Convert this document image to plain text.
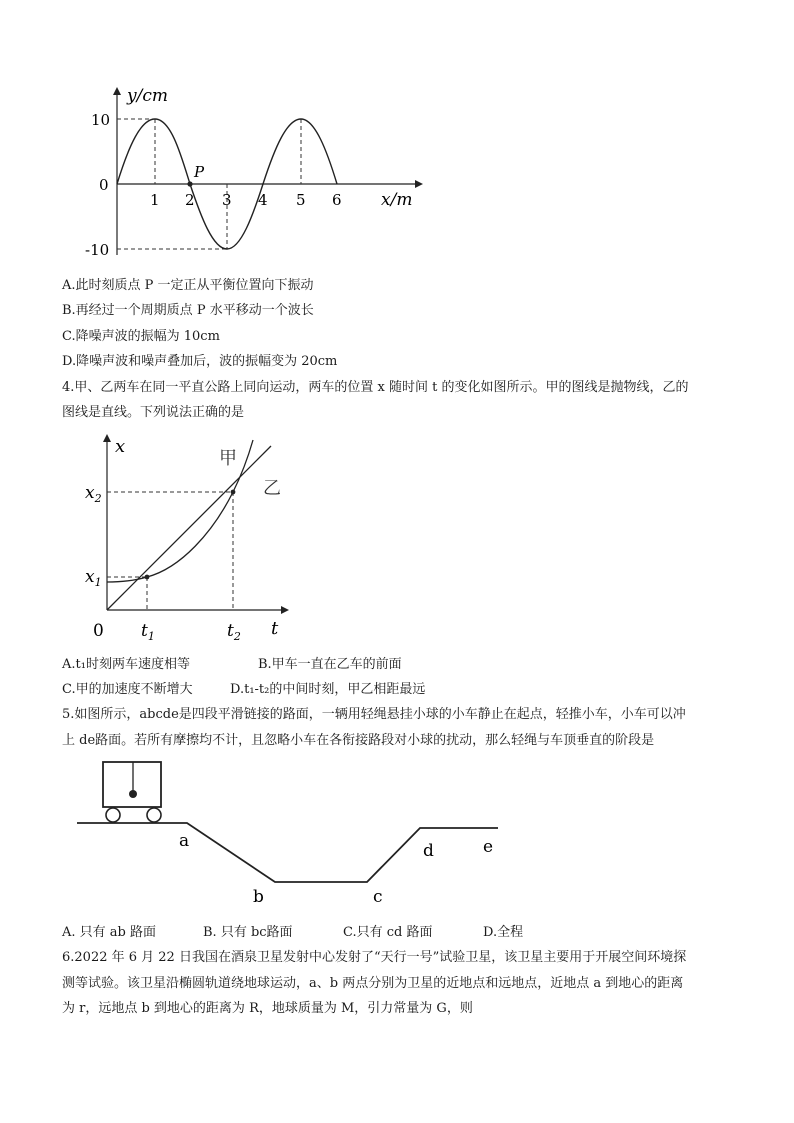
P
y/cm
x/m
10
0
-10
1 2 3 4 5 6
A.此时刻质点 P 一定正从平衡位置向下振动
B.再经过一个周期质点 P 水平移动一个波长
C.降噪声波的振幅为 10cm
D.降噪声波和噪声叠加后，波的振幅变为 20cm
4.甲、乙两车在同一平直公路上同向运动，两车的位置 x 随时间 t 的变化如图所示。甲的图线是抛物线，乙的
图线是直线。下列说法正确的是
x
t
0
$x_2$
$x_1$
$t_1$	$t_2$
甲
乙
A.t₁时刻两车速度相等	B.甲车一直在乙车的前面
C.甲的加速度不断增大	D.t₁-t₂的中间时刻，甲乙相距最远
5.如图所示，abcde是四段平滑链接的路面，一辆用轻绳悬挂小球的小车静止在起点，轻推小车，小车可以冲
上 de路面。若所有摩擦均不计，且忽略小车在各衔接路段对小球的扰动，那么轻绳与车顶垂直的阶段是
a
b	c
d	e
A. 只有 ab 路面	B. 只有 bc路面	C.只有 cd 路面	D.全程
6.2022 年 6 月 22 日我国在酒泉卫星发射中心发射了“天行一号”试验卫星，该卫星主要用于开展空间环境探
测等试验。该卫星沿椭圆轨道绕地球运动，a、b 两点分别为卫星的近地点和远地点，近地点 a 到地心的距离
为 r，远地点 b 到地心的距离为 R，地球质量为 M，引力常量为 G，则
